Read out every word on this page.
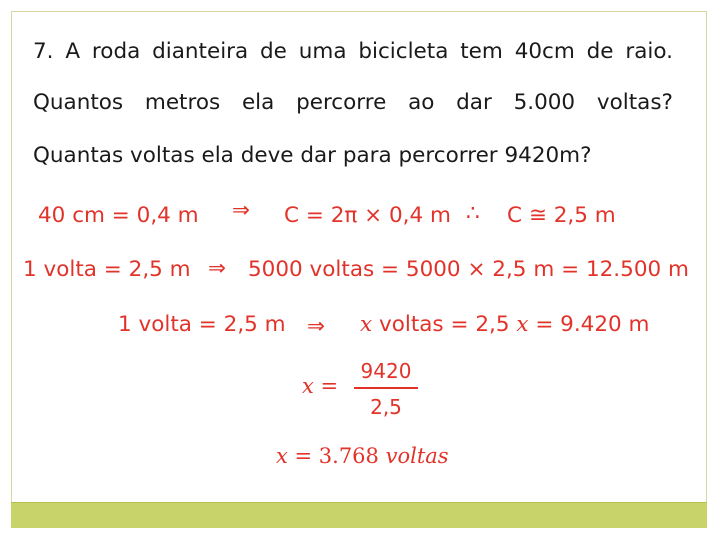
7. A roda dianteira de uma bicicleta tem 40cm de raio.
Quantos metros ela percorre ao dar 5.000 voltas?
Quantas voltas ela deve dar para percorrer 9420m?
40 cm = 0,4 m ⇒ C = 2π × 0,4 m ∴ C ≅ 2,5 m
1 volta = 2,5 m ⇒ 5000 voltas = 5000 × 2,5 m = 12.500 m
1 volta = 2,5 m ⇒ x voltas = 2,5 x = 9.420 m
x =
9420
2,5
x = 3.768 voltas
